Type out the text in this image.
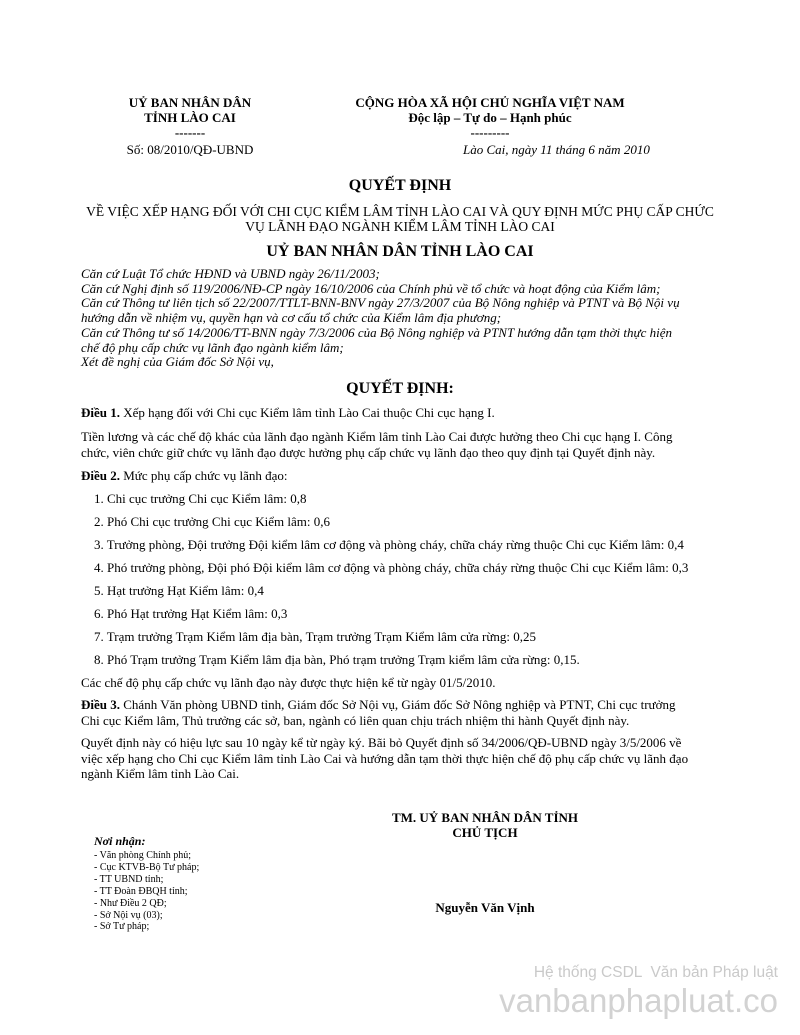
UỶ BAN NHÂN DÂN
TỈNH LÀO CAI
-------
Số: 08/2010/QĐ-UBND
CỘNG HÒA XÃ HỘI CHỦ NGHĨA VIỆT NAM
Độc lập – Tự do – Hạnh phúc
---------
Lào Cai, ngày 11 tháng 6 năm 2010
QUYẾT ĐỊNH
VỀ VIỆC XẾP HẠNG ĐỐI VỚI CHI CỤC KIỂM LÂM TỈNH LÀO CAI VÀ QUY ĐỊNH MỨC PHỤ CẤP CHỨC
VỤ LÃNH ĐẠO NGÀNH KIỂM LÂM TỈNH LÀO CAI
UỶ BAN NHÂN DÂN TỈNH LÀO CAI
Căn cứ Luật Tổ chức HĐND và UBND ngày 26/11/2003;
Căn cứ Nghị định số 119/2006/NĐ-CP ngày 16/10/2006 của Chính phủ về tổ chức và hoạt động của Kiểm lâm;
Căn cứ Thông tư liên tịch số 22/2007/TTLT-BNN-BNV ngày 27/3/2007 của Bộ Nông nghiệp và PTNT và Bộ Nội vụ
hướng dẫn về nhiệm vụ, quyền hạn và cơ cấu tổ chức của Kiểm lâm địa phương;
Căn cứ Thông tư số 14/2006/TT-BNN ngày 7/3/2006 của Bộ Nông nghiệp và PTNT hướng dẫn tạm thời thực hiện
chế độ phụ cấp chức vụ lãnh đạo ngành kiểm lâm;
Xét đề nghị của Giám đốc Sở Nội vụ,
QUYẾT ĐỊNH:
Điều 1. Xếp hạng đối với Chi cục Kiểm lâm tỉnh Lào Cai thuộc Chi cục hạng I.
Tiền lương và các chế độ khác của lãnh đạo ngành Kiểm lâm tỉnh Lào Cai được hưởng theo Chi cục hạng I. Công
chức, viên chức giữ chức vụ lãnh đạo được hưởng phụ cấp chức vụ lãnh đạo theo quy định tại Quyết định này.
Điều 2. Mức phụ cấp chức vụ lãnh đạo:
1. Chi cục trưởng Chi cục Kiểm lâm: 0,8
2. Phó Chi cục trưởng Chi cục Kiểm lâm: 0,6
3. Trưởng phòng, Đội trưởng Đội kiểm lâm cơ động và phòng cháy, chữa cháy rừng thuộc Chi cục Kiểm lâm: 0,4
4. Phó trưởng phòng, Đội phó Đội kiểm lâm cơ động và phòng cháy, chữa cháy rừng thuộc Chi cục Kiểm lâm: 0,3
5. Hạt trưởng Hạt Kiểm lâm: 0,4
6. Phó Hạt trưởng Hạt Kiểm lâm: 0,3
7. Trạm trưởng Trạm Kiểm lâm địa bàn, Trạm trưởng Trạm Kiểm lâm cửa rừng: 0,25
8. Phó Trạm trưởng Trạm Kiểm lâm địa bàn, Phó trạm trưởng Trạm kiểm lâm cửa rừng: 0,15.
Các chế độ phụ cấp chức vụ lãnh đạo này được thực hiện kể từ ngày 01/5/2010.
Điều 3. Chánh Văn phòng UBND tỉnh, Giám đốc Sở Nội vụ, Giám đốc Sở Nông nghiệp và PTNT, Chi cục trưởng
Chi cục Kiểm lâm, Thủ trưởng các sở, ban, ngành có liên quan chịu trách nhiệm thi hành Quyết định này.
Quyết định này có hiệu lực sau 10 ngày kể từ ngày ký. Bãi bỏ Quyết định số 34/2006/QĐ-UBND ngày 3/5/2006 về
việc xếp hạng cho Chi cục Kiểm lâm tỉnh Lào Cai và hướng dẫn tạm thời thực hiện chế độ phụ cấp chức vụ lãnh đạo
ngành Kiểm lâm tỉnh Lào Cai.
TM. UỶ BAN NHÂN DÂN TỈNH
CHỦ TỊCH
Nguyễn Văn Vịnh
Nơi nhận:
- Văn phòng Chính phủ;
- Cục KTVB-Bộ Tư pháp;
- TT UBND tỉnh;
- TT Đoàn ĐBQH tỉnh;
- Như Điều 2 QĐ;
- Sở Nội vụ (03);
- Sở Tư pháp;
Hệ thống CSDL  Văn bản Pháp luật
vanbanphapluat.co
